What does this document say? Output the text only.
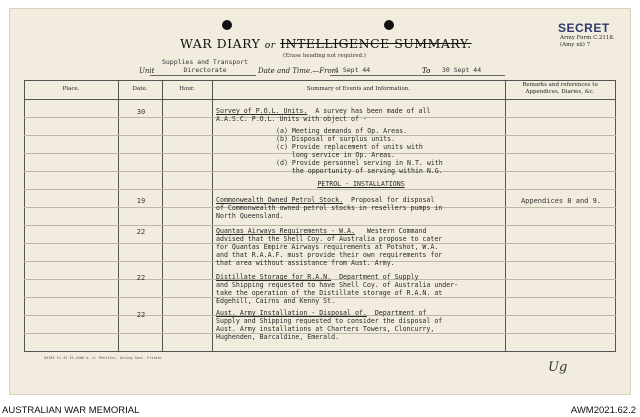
WAR DIARY or INTELLIGENCE SUMMARY.
(Erase heading not required.)
SECRET
Army Form C.2118.
(Amy xii) 7
Supplies and Transport
Directorate
Unit	Date and Time.—From
1 Sept 44	To 30 Sept 44
Place.	Date.	Hour.	Summary of Events and Information.
Remarks and references to Appendices, Diaries, &c.
30	Survey of P.O.L. Units. A survey has been made of all
A.A.S.C. P.O.L. Units with object of -
(a) Meeting demands of Op. Areas.
(b) Disposal of surplus units.
(c) Provide replacement of units with
long service in Op. Areas.
(d) Provide personnel serving in N.T. with
the opportunity of serving within N.G.
PETROL - INSTALLATIONS
19	Commonwealth Owned Petrol Stock. Proposal for disposal
of Commonwealth owned petrol stocks in resellers pumps in
North Queensland.
Appendices 8 and 9.
22	Quantas Airways Requirements - W.A. Western Command
advised that the Shell Coy. of Australia propose to cater
for Quantas Empire Airways requirements at Potshot, W.A.
and that R.A.A.F. must provide their own requirements for
that area without assistance from Aust. Army.
22	Distillate Storage for R.A.N. Department of Supply
and Shipping requested to have Shell Coy. of Australia under-
take the operation of the Distillate storage of R.A.N. at
Edgehill, Cairns and Kenny St.
22	Aust. Army Installation - Disposal of. Department of
Supply and Shipping requested to consider the disposal of
Aust. Army installations at Charters Towers, Cloncurry,
Hughenden, Barcaldine, Emerald.
94183 11.43 19-4306 A. H. Pettifer, Acting Govt. Printer
Ug
AUSTRALIAN WAR MEMORIAL	AWM2021.62.2
